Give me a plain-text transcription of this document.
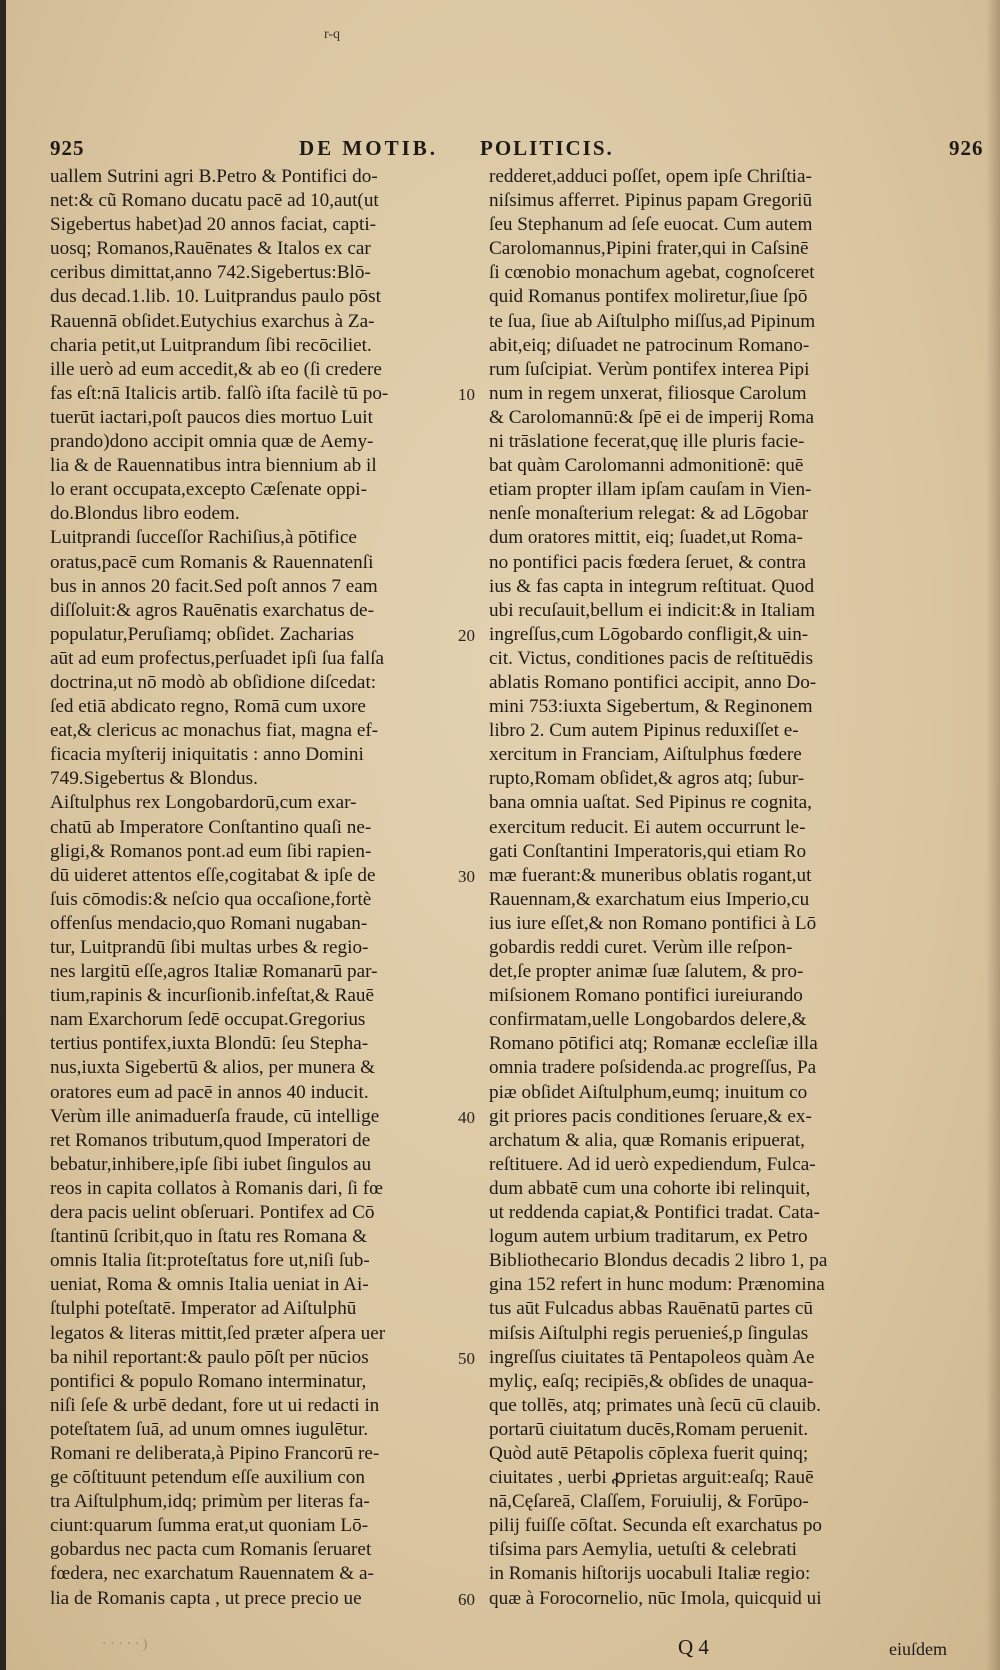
r-q
925	DE MOTIB. POLITICIS.	926
uallem Sutrini agri B.Petro & Pontifici do-
net:& cũ Romano ducatu pacē ad 10,aut(ut
Sigebertus habet)ad 20 annos faciat, capti-
uosq; Romanos,Rauēnates & Italos ex car
ceribus dimittat,anno 742.Sigebertus:Blō-
dus decad.1.lib. 10. Luitprandus paulo pōst
Rauennā obſidet.Eutychius exarchus à Za-
charia petit,ut Luitprandum ſibi recōciliet.
ille uerò ad eum accedit,& ab eo (ſi credere
fas eſt:nā Italicis artib. falſò iſta facilè tū po-
tuerūt iactari,poſt paucos dies mortuo Luit
prando)dono accipit omnia quæ de Aemy-
lia & de Rauennatibus intra biennium ab il
lo erant occupata,excepto Cæſenate oppi-
do.Blondus libro eodem.
Luitprandi ſucceſſor Rachiſius,à pōtifice
oratus,pacē cum Romanis & Rauennatenſi
bus in annos 20 facit.Sed poſt annos 7 eam
diſſoluit:& agros Rauēnatis exarchatus de-
populatur,Peruſiamq; obſidet. Zacharias
aūt ad eum profectus,perſuadet ipſi ſua falſa
doctrina,ut nō modò ab obſidione diſcedat:
ſed etiā abdicato regno, Romā cum uxore
eat,& clericus ac monachus fiat, magna ef-
ficacia myſterij iniquitatis : anno Domini
749.Sigebertus & Blondus.
Aiſtulphus rex Longobardorū,cum exar-
chatū ab Imperatore Conſtantino quaſi ne-
gligi,& Romanos pont.ad eum ſibi rapien-
dū uideret attentos eſſe,cogitabat & ipſe de
ſuis cōmodis:& neſcio qua occaſione,fortè
offenſus mendacio,quo Romani nugaban-
tur, Luitprandū ſibi multas urbes & regio-
nes largitū eſſe,agros Italiæ Romanarū par-
tium,rapinis & incurſionib.infeſtat,& Rauē
nam Exarchorum ſedē occupat.Gregorius
tertius pontifex,iuxta Blondū: ſeu Stepha-
nus,iuxta Sigebertū & alios, per munera &
oratores eum ad pacē in annos 40 inducit.
Verùm ille animaduerſa fraude, cū intellige
ret Romanos tributum,quod Imperatori de
bebatur,inhibere,ipſe ſibi iubet ſingulos au
reos in capita collatos à Romanis dari, ſi fœ
dera pacis uelint obſeruari. Pontifex ad Cō
ſtantinū ſcribit,quo in ſtatu res Romana &
omnis Italia ſit:proteſtatus fore ut,niſi ſub-
ueniat, Roma & omnis Italia ueniat in Ai-
ſtulphi poteſtatē. Imperator ad Aiſtulphū
legatos & literas mittit,ſed præter aſpera uer
ba nihil reportant:& paulo pōſt per nūcios
pontifici & populo Romano interminatur,
niſi ſeſe & urbē dedant, fore ut ui redacti in
poteſtatem ſuā, ad unum omnes iugulētur.
Romani re deliberata,à Pipino Francorū re-
ge cōſtituunt petendum eſſe auxilium con
tra Aiſtulphum,idq; primùm per literas fa-
ciunt:quarum ſumma erat,ut quoniam Lō-
gobardus nec pacta cum Romanis ſeruaret
fœdera, nec exarchatum Rauennatem & a-
lia de Romanis capta , ut prece precio ue
redderet,adduci poſſet, opem ipſe Chriſtia-
niſsimus afferret. Pipinus papam Gregoriū
ſeu Stephanum ad ſeſe euocat. Cum autem
Carolomannus,Pipini frater,qui in Caſsinē
ſi cœnobio monachum agebat, cognoſceret
quid Romanus pontifex moliretur,ſiue ſpō
te ſua, ſiue ab Aiſtulpho miſſus,ad Pipinum
abit,eiq; diſuadet ne patrocinum Romano-
rum ſuſcipiat. Verùm pontifex interea Pipi
num in regem unxerat, filiosque Carolum
& Carolomannū:& ſpē ei de imperij Roma
ni trāslatione fecerat,quę ille pluris facie-
bat quàm Carolomanni admonitionē: quē
etiam propter illam ipſam cauſam in Vien-
nenſe monaſterium relegat: & ad Lōgobar
dum oratores mittit, eiq; ſuadet,ut Roma-
no pontifici pacis fœdera ſeruet, & contra
ius & fas capta in integrum reſtituat. Quod
ubi recuſauit,bellum ei indicit:& in Italiam
ingreſſus,cum Lōgobardo confligit,& uin-
cit. Victus, conditiones pacis de reſtituēdis
ablatis Romano pontifici accipit, anno Do-
mini 753:iuxta Sigebertum, & Reginonem
libro 2. Cum autem Pipinus reduxiſſet e-
xercitum in Franciam, Aiſtulphus fœdere
rupto,Romam obſidet,& agros atq; ſubur-
bana omnia uaſtat. Sed Pipinus re cognita,
exercitum reducit. Ei autem occurrunt le-
gati Conſtantini Imperatoris,qui etiam Ro
mæ fuerant:& muneribus oblatis rogant,ut
Rauennam,& exarchatum eius Imperio,cu
ius iure eſſet,& non Romano pontifici à Lō
gobardis reddi curet. Verùm ille reſpon-
det,ſe propter animæ ſuæ ſalutem, & pro-
miſsionem Romano pontifici iureiurando
confirmatam,uelle Longobardos delere,&
Romano pōtifici atq; Romanæ eccleſiæ illa
omnia tradere poſsidenda.ac progreſſus, Pa
piæ obſidet Aiſtulphum,eumq; inuitum co
git priores pacis conditiones ſeruare,& ex-
archatum & alia, quæ Romanis eripuerat,
reſtituere. Ad id uerò expediendum, Fulca-
dum abbatē cum una cohorte ibi relinquit,
ut reddenda capiat,& Pontifici tradat. Cata-
logum autem urbium traditarum, ex Petro
Bibliothecario Blondus decadis 2 libro 1, pa
gina 152 refert in hunc modum: Prænomina
tus aūt Fulcadus abbas Rauēnatū partes cū
miſsis Aiſtulphi regis peruenieś,p ſingulas
ingreſſus ciuitates tā Pentapoleos quàm Ae
myliç, eaſq; recipiēs,& obſides de unaqua-
que tollēs, atq; primates unà ſecū cū clauib.
portarū ciuitatum ducēs,Romam peruenit.
Quòd autē Pētapolis cōplexa fuerit quinq;
ciuitates , uerbi ꝓprietas arguit:eaſq; Rauē
nā,Cęſareā, Claſſem, Foruiulij, & Forūpo-
pilij fuiſſe cōſtat. Secunda eſt exarchatus po
tiſsima pars Aemylia, uetuſti & celebrati
in Romanis hiſtorijs uocabuli Italiæ regio:
quæ à Forocornelio, nūc Imola, quicquid ui
10
20
30
40
50
60
· · · · · )	Q 4	eiuſdem
